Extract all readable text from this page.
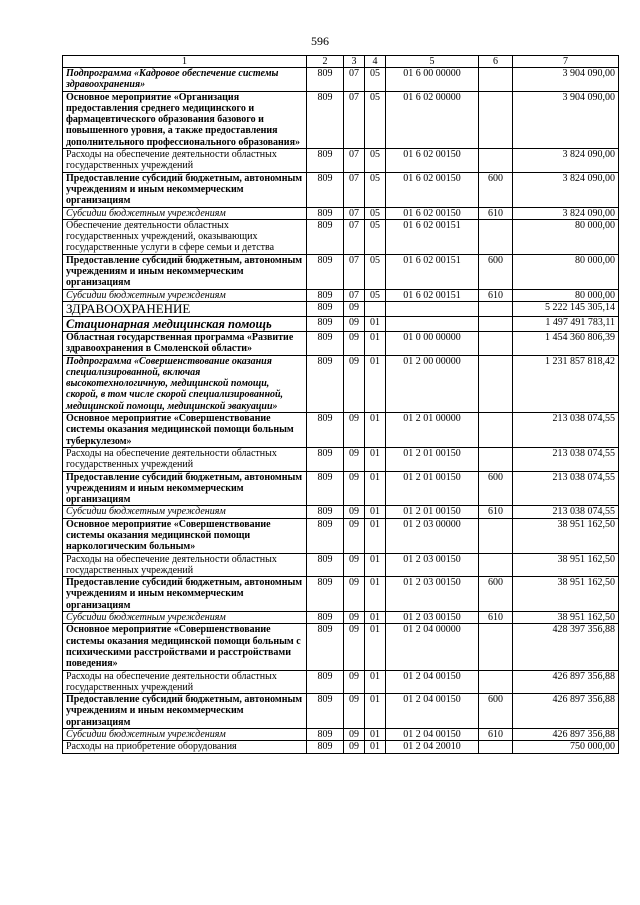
596
1	2	3	4	5	6	7
Подпрограмма «Кадровое обеспечение системы здравоохранения»	809	07	05	01 6 00 00000		3 904 090,00
Основное мероприятие «Организация предоставления среднего медицинского и фармацевтического образования базового и повышенного уровня, а также предоставления дополнительного профессионального образования»	809	07	05	01 6 02 00000		3 904 090,00
Расходы на обеспечение деятельности областных государственных учреждений	809	07	05	01 6 02 00150		3 824 090,00
Предоставление субсидий бюджетным, автономным учреждениям и иным некоммерческим организациям	809	07	05	01 6 02 00150	600	3 824 090,00
Субсидии бюджетным учреждениям	809	07	05	01 6 02 00150	610	3 824 090,00
Обеспечение деятельности областных государственных учреждений, оказывающих государственные услуги в сфере семьи и детства	809	07	05	01 6 02 00151		80 000,00
Предоставление субсидий бюджетным, автономным учреждениям и иным некоммерческим организациям	809	07	05	01 6 02 00151	600	80 000,00
Субсидии бюджетным учреждениям	809	07	05	01 6 02 00151	610	80 000,00
ЗДРАВООХРАНЕНИЕ	809	09				5 222 145 305,14
Стационарная медицинская помощь	809	09	01			1 497 491 783,11
Областная государственная программа «Развитие здравоохранения в Смоленской области»	809	09	01	01 0 00 00000		1 454 360 806,39
Подпрограмма «Совершенствование оказания специализированной, включая высокотехнологичную, медицинской помощи, скорой, в том числе скорой специализированной, медицинской помощи, медицинской эвакуации»	809	09	01	01 2 00 00000		1 231 857 818,42
Основное мероприятие «Совершенствование системы оказания медицинской помощи больным туберкулезом»	809	09	01	01 2 01 00000		213 038 074,55
Расходы на обеспечение деятельности областных государственных учреждений	809	09	01	01 2 01 00150		213 038 074,55
Предоставление субсидий бюджетным, автономным учреждениям и иным некоммерческим организациям	809	09	01	01 2 01 00150	600	213 038 074,55
Субсидии бюджетным учреждениям	809	09	01	01 2 01 00150	610	213 038 074,55
Основное мероприятие «Совершенствование системы оказания медицинской помощи наркологическим больным»	809	09	01	01 2 03 00000		38 951 162,50
Расходы на обеспечение деятельности областных государственных учреждений	809	09	01	01 2 03 00150		38 951 162,50
Предоставление субсидий бюджетным, автономным учреждениям и иным некоммерческим организациям	809	09	01	01 2 03 00150	600	38 951 162,50
Субсидии бюджетным учреждениям	809	09	01	01 2 03 00150	610	38 951 162,50
Основное мероприятие «Совершенствование системы оказания медицинской помощи больным с психическими расстройствами и расстройствами поведения»	809	09	01	01 2 04 00000		428 397 356,88
Расходы на обеспечение деятельности областных государственных учреждений	809	09	01	01 2 04 00150		426 897 356,88
Предоставление субсидий бюджетным, автономным учреждениям и иным некоммерческим организациям	809	09	01	01 2 04 00150	600	426 897 356,88
Субсидии бюджетным учреждениям	809	09	01	01 2 04 00150	610	426 897 356,88
Расходы на приобретение оборудования	809	09	01	01 2 04 20010		750 000,00
